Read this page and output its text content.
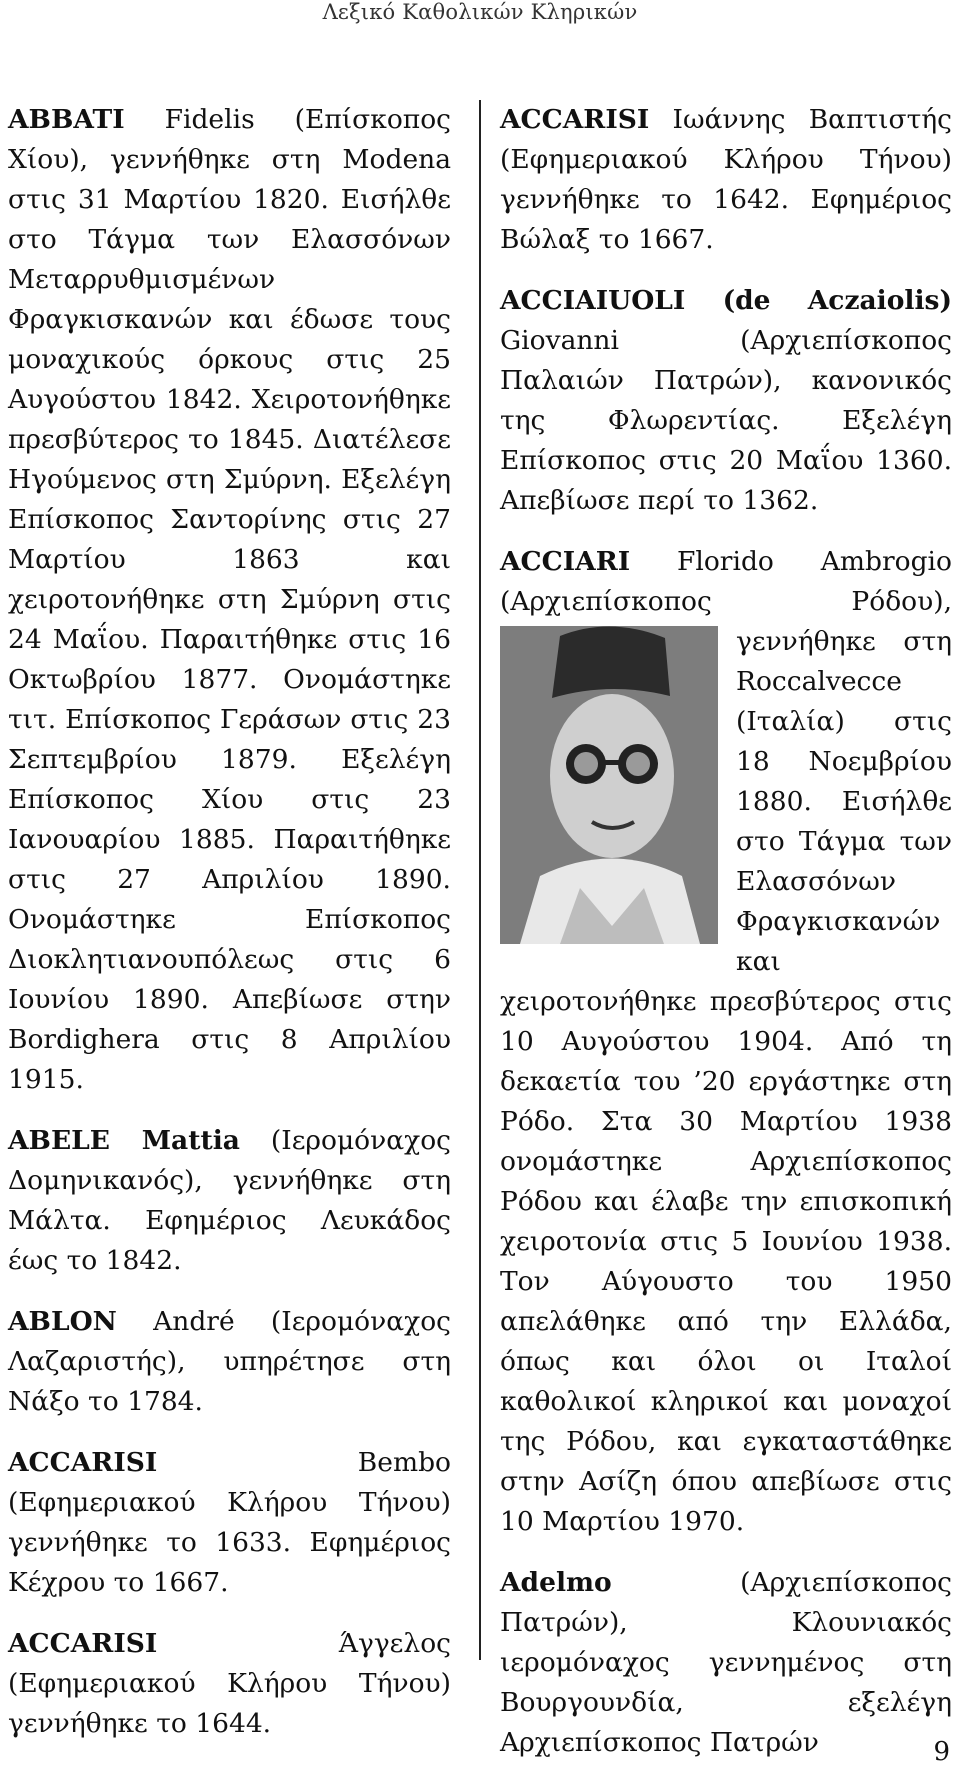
Λεξικό Καθολικών Κληρικών

ABBATI Fidelis (Επίσκοπος Χίου), γεννήθηκε στη Modena στις 31 Μαρτίου 1820. Εισήλθε στο Τάγμα των Ελασσόνων Μεταρρυθμισμένων Φραγκισκανών και έδωσε τους μοναχικούς όρκους στις 25 Αυγούστου 1842. Χειροτονήθηκε πρεσβύτερος το 1845. Διατέλεσε Ηγούμενος στη Σμύρνη. Εξελέγη Επίσκοπος Σαντορίνης στις 27 Μαρτίου 1863 και χειροτονήθηκε στη Σμύρνη στις 24 Μαΐου. Παραιτήθηκε στις 16 Οκτωβρίου 1877. Ονομάστηκε τιτ. Επίσκοπος Γεράσων στις 23 Σεπτεμβρίου 1879. Εξελέγη Επίσκοπος Χίου στις 23 Ιανουαρίου 1885. Παραιτήθηκε στις 27 Απριλίου 1890. Ονομάστηκε Επίσκοπος Διοκλητιανουπόλεως στις 6 Ιουνίου 1890. Απεβίωσε στην Bordighera στις 8 Απριλίου 1915.

ABELE Mattia (Ιερομόναχος Δομηνικανός), γεννήθηκε στη Μάλτα. Εφημέριος Λευκάδος έως το 1842.

ABLON André (Ιερομόναχος Λαζαριστής), υπηρέτησε στη Νάξο το 1784.

ACCARISI Bembo (Εφημεριακού Κλήρου Τήνου) γεννήθηκε το 1633. Εφημέριος Κέχρου το 1667.

ACCARISI Άγγελος (Εφημεριακού Κλήρου Τήνου) γεννήθηκε το 1644.

ACCARISI Ιωάννης Βαπτιστής (Εφημεριακού Κλήρου Τήνου) γεννήθηκε το 1642. Εφημέριος Βώλαξ το 1667.

ACCIAIUOLI (de Aczaiolis) Giovanni (Αρχιεπίσκοπος Παλαιών Πατρών), κανονικός της Φλωρεντίας. Εξελέγη Επίσκοπος στις 20 Μαΐου 1360. Απεβίωσε περί το 1362.

ACCIARI Florido Ambrogio (Αρχιεπίσκοπος Ρόδου), γεννήθηκε
στη Roccalvecce (Ιταλία) στις 18 Νοεμβρίου 1880. Εισήλθε στο Τάγμα των Ελασσόνων Φραγκισκανών και χειροτονήθηκε πρεσβύτερος στις 10 Αυγούστου 1904. Από τη δεκαετία του ’20 εργάστηκε στη Ρόδο. Στα 30 Μαρτίου 1938 ονομάστηκε Αρχιεπίσκοπος Ρόδου και έλαβε την επισκοπική χειροτονία στις 5 Ιουνίου 1938. Τον Αύγουστο του 1950 απελάθηκε από την Ελλάδα, όπως και όλοι οι Ιταλοί καθολικοί κληρικοί και μοναχοί της Ρόδου, και εγκαταστάθηκε στην Ασίζη όπου απεβίωσε στις 10 Μαρτίου 1970.

Adelmo (Αρχιεπίσκοπος Πατρών), Κλουνιακός ιερομόναχος γεννημένος στη Βουργουνδία, εξελέγη Αρχιεπίσκοπος Πατρών	9
